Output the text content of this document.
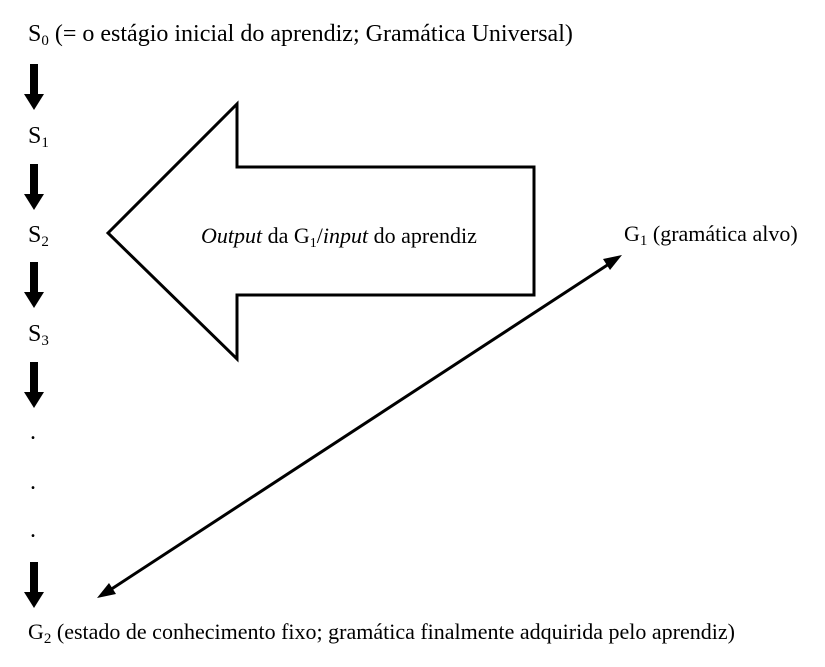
$S_0$ (= o estágio inicial do aprendiz; Gramática Universal)
$S_1$
$S_2$
$S_3$
.
.
.
$G_2$ (estado de conhecimento fixo; gramática finalmente adquirida pelo aprendiz)
$G_1$ (gramática alvo)
Output da $G_1$/input do aprendiz
